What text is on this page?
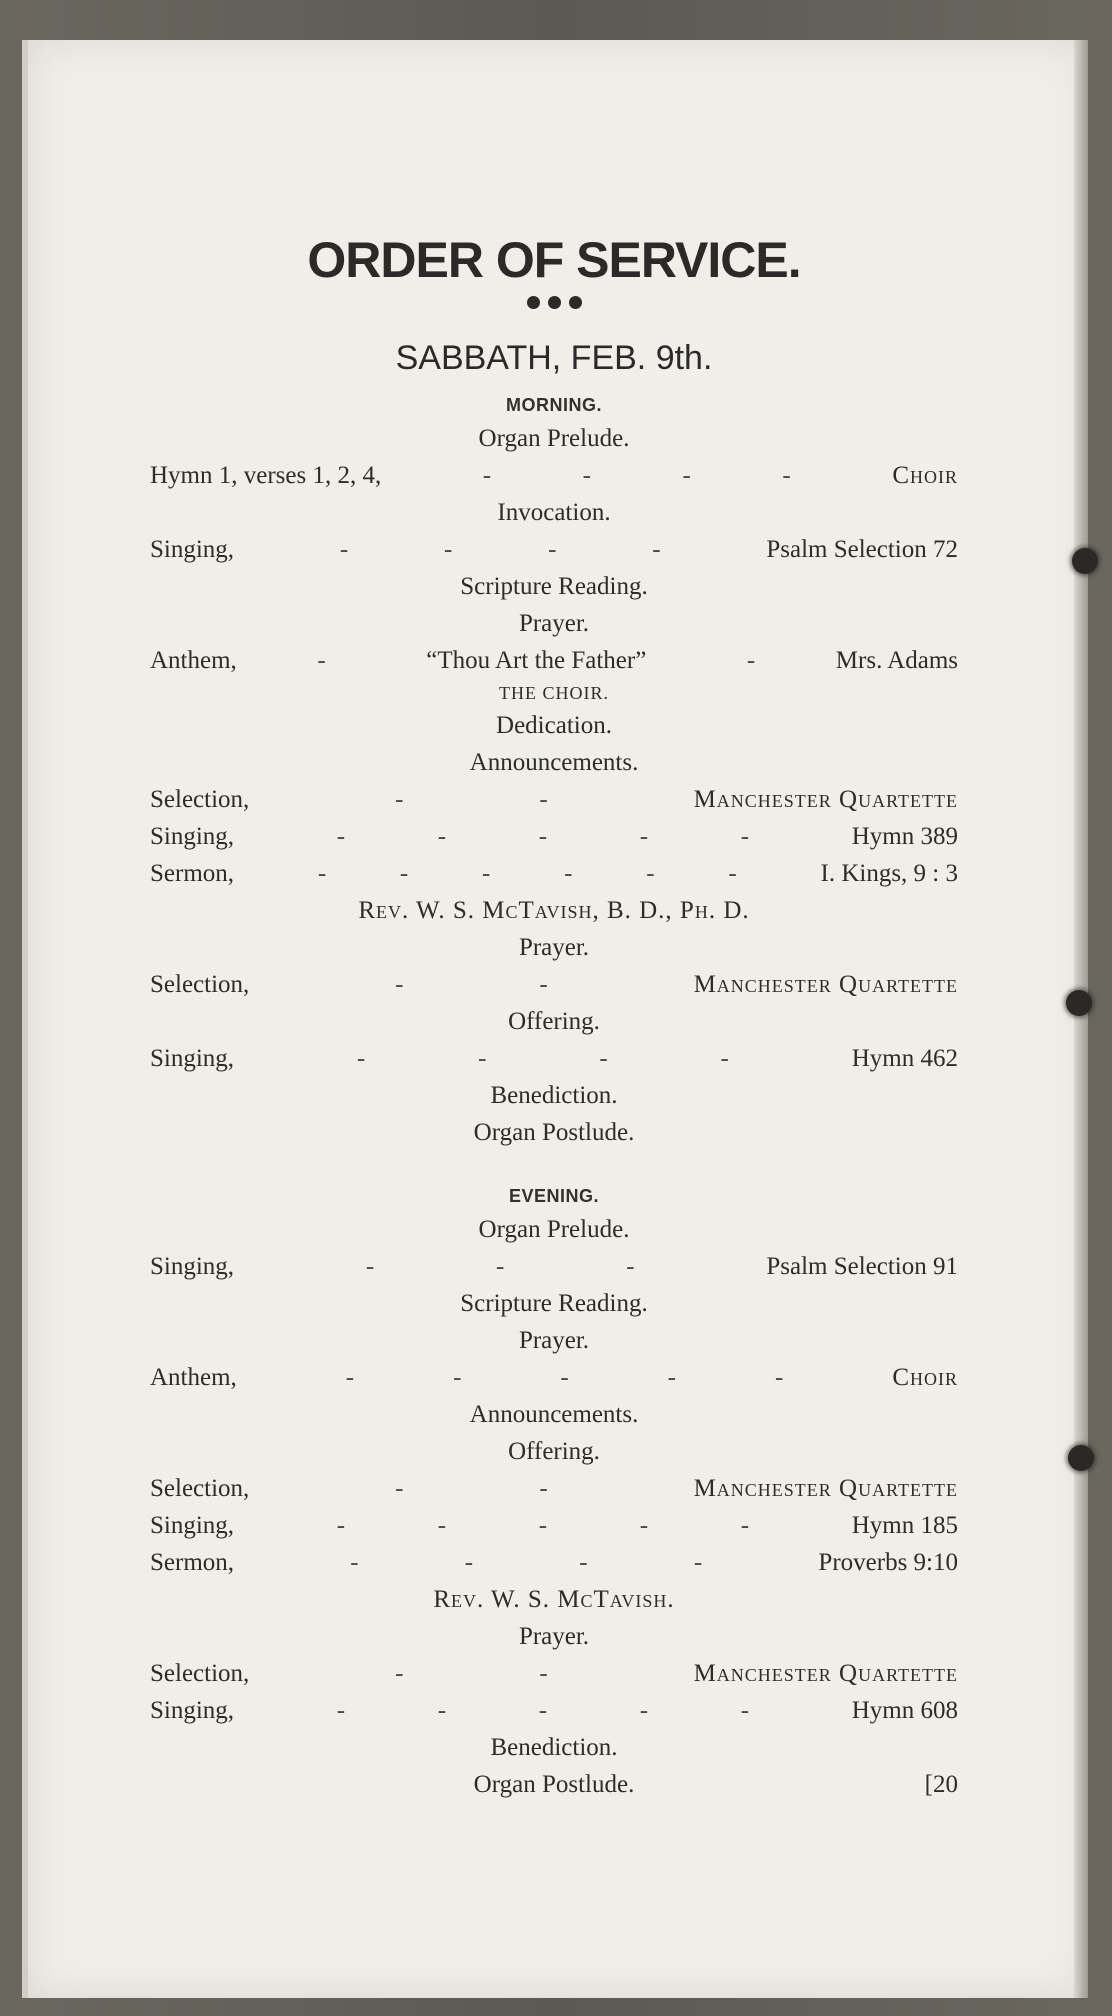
ORDER OF SERVICE.
SABBATH, FEB. 9th.
MORNING.
Organ Prelude.
Hymn 1, verses 1, 2, 4,	-	-	-	-	Choir
Invocation.
Singing,	-	-	-	-	Psalm Selection 72
Scripture Reading.
Prayer.
Anthem,	-	“Thou Art the Father”	-	Mrs. Adams
THE CHOIR.
Dedication.
Announcements.
Selection,	-	-	Manchester Quartette
Singing,	-	-	-	-	-	Hymn 389
Sermon,	-	-	-	-	-	-	I. Kings, 9 : 3
Rev. W. S. McTavish, B. D., Ph. D.
Prayer.
Selection,	-	-	Manchester Quartette
Offering.
Singing,	-	-	-	-	Hymn 462
Benediction.
Organ Postlude.
EVENING.
Organ Prelude.
Singing,	-	-	-	Psalm Selection 91
Scripture Reading.
Prayer.
Anthem,	-	-	-	-	-	Choir
Announcements.
Offering.
Selection,	-	-	Manchester Quartette
Singing,	-	-	-	-	-	Hymn 185
Sermon,	-	-	-	-	Proverbs 9:10
Rev. W. S. McTavish.
Prayer.
Selection,	-	-	Manchester Quartette
Singing,	-	-	-	-	-	Hymn 608
Benediction.
Organ Postlude.	[20
